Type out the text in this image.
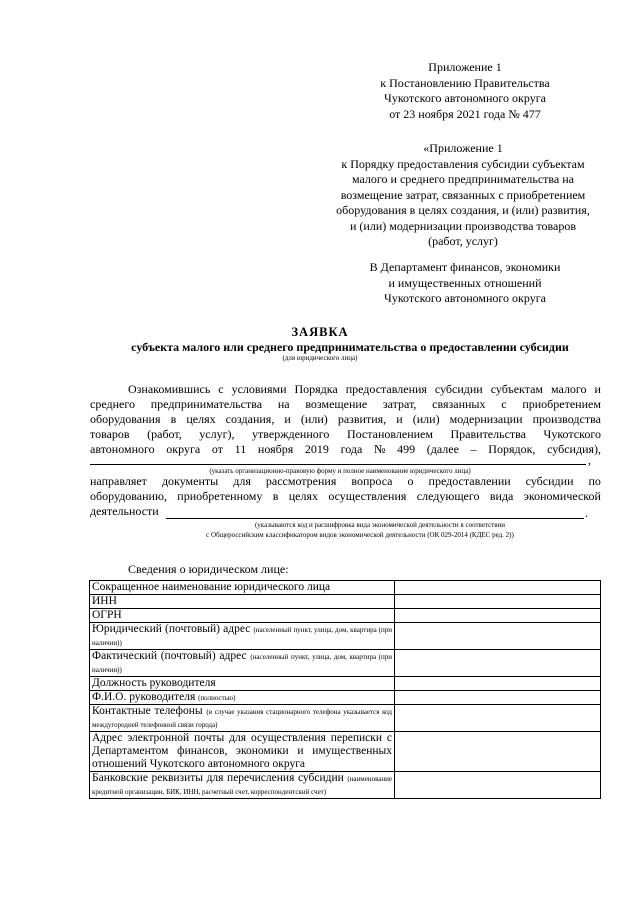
Приложение 1
к Постановлению Правительства
Чукотского автономного округа
от 23 ноября 2021 года № 477
«Приложение 1
к Порядку предоставления субсидии субъектам
малого и среднего предпринимательства на
возмещение затрат, связанных с приобретением
оборудования в целях создания, и (или) развития,
и (или) модернизации производства товаров
(работ, услуг)
В Департамент финансов, экономики
и имущественных отношений
Чукотского автономного округа
ЗАЯВКА
субъекта малого или среднего предпринимательства о предоставлении субсидии
(для юридического лица)
Ознакомившись с условиями Порядка предоставления субсидии субъектам малого и
среднего предпринимательства на возмещение затрат, связанных с приобретением
оборудования в целях создания, и (или) развития, и (или) модернизации производства
товаров (работ, услуг), утвержденного Постановлением Правительства Чукотского
автономного округа от 11 ноября 2019 года № 499 (далее – Порядок, субсидия),
,
(указать организационно-правовую форму и полное наименование юридического лица)
направляет документы для рассмотрения вопроса о предоставлении субсидии по
оборудованию, приобретенному в целях осуществления следующего вида экономической
деятельности	.
(указываются код и расшифровка вида экономической деятельности в соответствии
с Общероссийским классификатором видов экономической деятельности (ОК 029-2014 (КДЕС ред. 2))
Сведения о юридическом лице:
Сокращенное наименование юридического лица	
ИНН	
ОГРН	
Юридический (почтовый) адрес (населенный пункт, улица, дом, квартира (при наличии))	
Фактический (почтовый) адрес (населенный пункт, улица, дом, квартира (при наличии))	
Должность руководителя	
Ф.И.О. руководителя (полностью)	
Контактные телефоны (в случае указания стационарного телефона указывается код междугородней телефонной связи города)	
Адрес электронной почты для осуществления переписки с Департаментом финансов, экономики и имущественных отношений Чукотского автономного округа	
Банковские реквизиты для перечисления субсидии (наименование кредитной организации, БИК, ИНН, расчетный счет, корреспондентский счет)	
